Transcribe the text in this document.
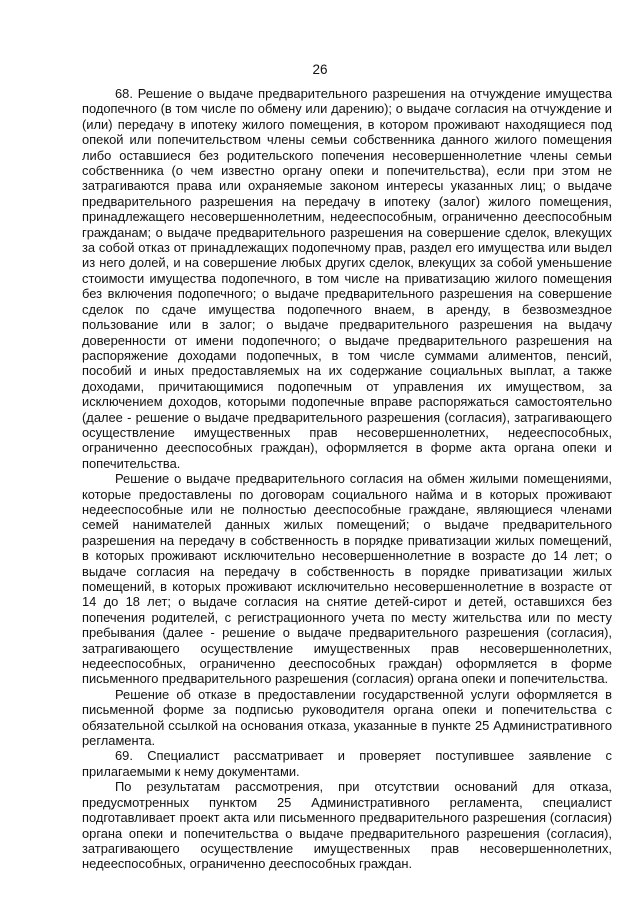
26

68. Решение о выдаче предварительного разрешения на отчуждение имущества подопечного (в том числе по обмену или дарению); о выдаче согласия на отчуждение и (или) передачу в ипотеку жилого помещения, в котором проживают находящиеся под опекой или попечительством члены семьи собственника данного жилого помещения либо оставшиеся без родительского попечения несовершеннолетние члены семьи собственника (о чем известно органу опеки и попечительства), если при этом не затрагиваются права или охраняемые законом интересы указанных лиц; о выдаче предварительного разрешения на передачу в ипотеку (залог) жилого помещения, принадлежащего несовершеннолетним, недееспособным, ограниченно дееспособным гражданам; о выдаче предварительного разрешения на совершение сделок, влекущих за собой отказ от принадлежащих подопечному прав, раздел его имущества или выдел из него долей, и на совершение любых других сделок, влекущих за собой уменьшение стоимости имущества подопечного, в том числе на приватизацию жилого помещения без включения подопечного; о выдаче предварительного разрешения на совершение сделок по сдаче имущества подопечного внаем, в аренду, в безвозмездное пользование или в залог; о выдаче предварительного разрешения на выдачу доверенности от имени подопечного; о выдаче предварительного разрешения на распоряжение доходами подопечных, в том числе суммами алиментов, пенсий, пособий и иных предоставляемых на их содержание социальных выплат, а также доходами, причитающимися подопечным от управления их имуществом, за исключением доходов, которыми подопечные вправе распоряжаться самостоятельно (далее - решение о выдаче предварительного разрешения (согласия), затрагивающего осуществление имущественных прав несовершеннолетних, недееспособных, ограниченно дееспособных граждан), оформляется в форме акта органа опеки и попечительства.

Решение о выдаче предварительного согласия на обмен жилыми помещениями, которые предоставлены по договорам социального найма и в которых проживают недееспособные или не полностью дееспособные граждане, являющиеся членами семей нанимателей данных жилых помещений; о выдаче предварительного разрешения на передачу в собственность в порядке приватизации жилых помещений, в которых проживают исключительно несовершеннолетние в возрасте до 14 лет; о выдаче согласия на передачу в собственность в порядке приватизации жилых помещений, в которых проживают исключительно несовершеннолетние в возрасте от 14 до 18 лет; о выдаче согласия на снятие детей-сирот и детей, оставшихся без попечения родителей, с регистрационного учета по месту жительства или по месту пребывания (далее - решение о выдаче предварительного разрешения (согласия), затрагивающего осуществление имущественных прав несовершеннолетних, недееспособных, ограниченно дееспособных граждан) оформляется в форме письменного предварительного разрешения (согласия) органа опеки и попечительства.

Решение об отказе в предоставлении государственной услуги оформляется в письменной форме за подписью руководителя органа опеки и попечительства с обязательной ссылкой на основания отказа, указанные в пункте 25 Административного регламента.

69. Специалист рассматривает и проверяет поступившее заявление с прилагаемыми к нему документами.

По результатам рассмотрения, при отсутствии оснований для отказа, предусмотренных пунктом 25 Административного регламента, специалист подготавливает проект акта или письменного предварительного разрешения (согласия) органа опеки и попечительства о выдаче предварительного разрешения (согласия), затрагивающего осуществление имущественных прав несовершеннолетних, недееспособных, ограниченно дееспособных граждан.
